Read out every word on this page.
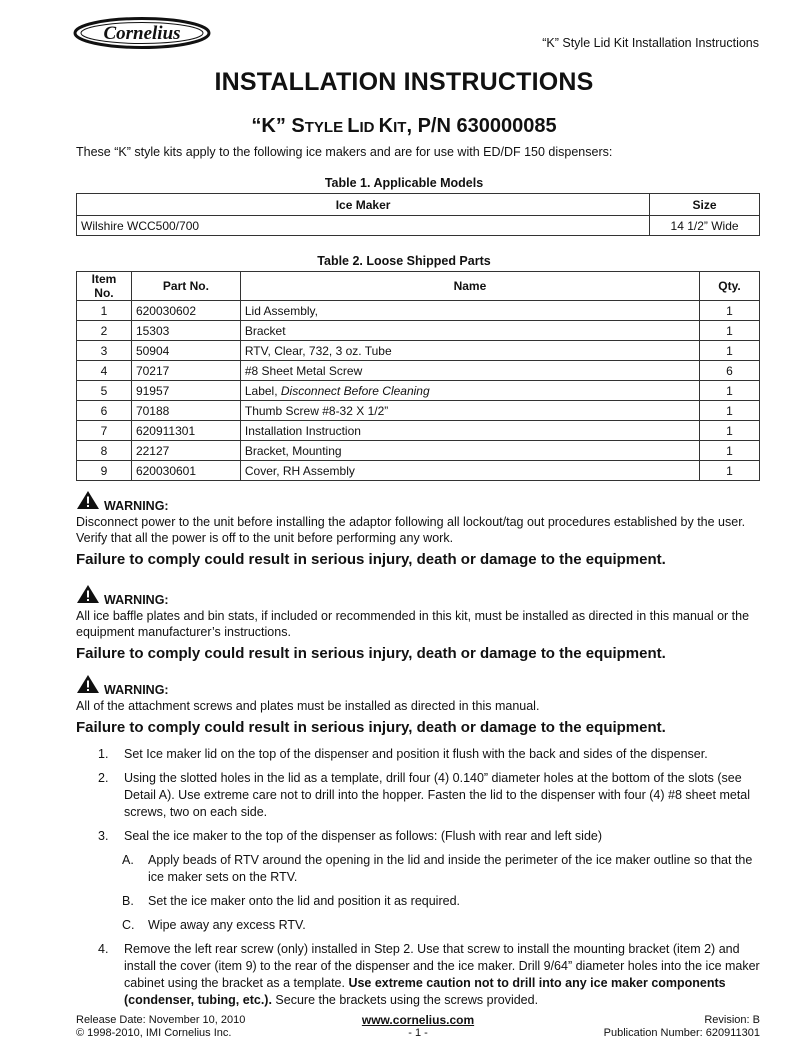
Cornelius	“K” Style Lid Kit Installation Instructions
INSTALLATION INSTRUCTIONS
“K” STYLE LID KIT, P/N 630000085
These “K” style kits apply to the following ice makers and are for use with ED/DF 150 dispensers:
Table 1. Applicable Models
Ice Maker	Size
Wilshire WCC500/700	14 1/2” Wide
Table 2. Loose Shipped Parts
Item No.	Part No.	Name	Qty.
1	620030602	Lid Assembly,	1
2	15303	Bracket	1
3	50904	RTV, Clear, 732, 3 oz. Tube	1
4	70217	#8 Sheet Metal Screw	6
5	91957	Label, Disconnect Before Cleaning	1
6	70188	Thumb Screw #8-32 X 1/2”	1
7	620911301	Installation Instruction	1
8	22127	Bracket, Mounting	1
9	620030601	Cover, RH Assembly	1
WARNING:
Disconnect power to the unit before installing the adaptor following all lockout/tag out procedures established by the user. Verify that all the power is off to the unit before performing any work.
Failure to comply could result in serious injury, death or damage to the equipment.
WARNING:
All ice baffle plates and bin stats, if included or recommended in this kit, must be installed as directed in this manual or the equipment manufacturer’s instructions.
Failure to comply could result in serious injury, death or damage to the equipment.
WARNING:
All of the attachment screws and plates must be installed as directed in this manual.
Failure to comply could result in serious injury, death or damage to the equipment.
1. Set Ice maker lid on the top of the dispenser and position it flush with the back and sides of the dispenser.
2. Using the slotted holes in the lid as a template, drill four (4) 0.140” diameter holes at the bottom of the slots (see Detail A). Use extreme care not to drill into the hopper. Fasten the lid to the dispenser with four (4) #8 sheet metal screws, two on each side.
3. Seal the ice maker to the top of the dispenser as follows: (Flush with rear and left side)
A. Apply beads of RTV around the opening in the lid and inside the perimeter of the ice maker outline so that the ice maker sets on the RTV.
B. Set the ice maker onto the lid and position it as required.
C. Wipe away any excess RTV.
4. Remove the left rear screw (only) installed in Step 2. Use that screw to install the mounting bracket (item 2) and install the cover (item 9) to the rear of the dispenser and the ice maker. Drill 9/64” diameter holes into the ice maker cabinet using the bracket as a template. Use extreme caution not to drill into any ice maker components (condenser, tubing, etc.). Secure the brackets using the screws provided.
Release Date: November 10, 2010
© 1998-2010, IMI Cornelius Inc.
www.cornelius.com
- 1 -
Revision: B
Publication Number: 620911301
